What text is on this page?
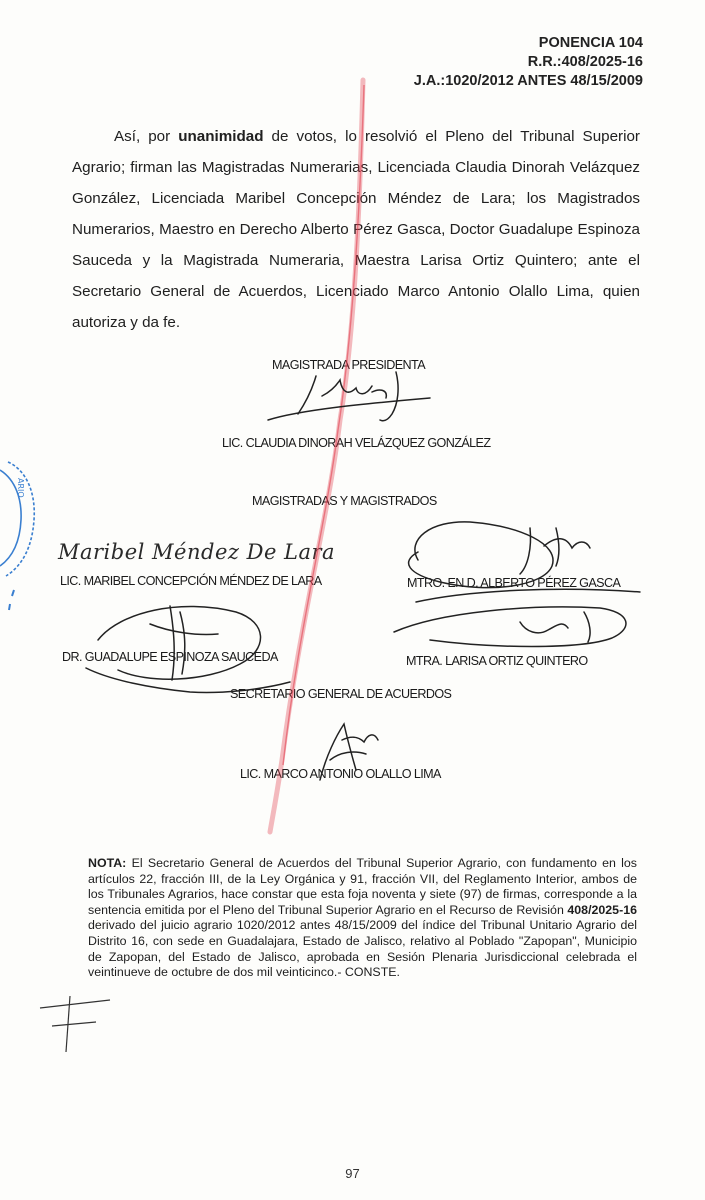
PONENCIA 104
R.R.:408/2025-16
J.A.:1020/2012 ANTES 48/15/2009
Así, por unanimidad de votos, lo resolvió el Pleno del Tribunal Superior Agrario; firman las Magistradas Numerarias, Licenciada Claudia Dinorah Velázquez González, Licenciada Maribel Concepción Méndez de Lara; los Magistrados Numerarios, Maestro en Derecho Alberto Pérez Gasca, Doctor Guadalupe Espinoza Sauceda y la Magistrada Numeraria, Maestra Larisa Ortiz Quintero; ante el Secretario General de Acuerdos, Licenciado Marco Antonio Olallo Lima, quien autoriza y da fe.
MAGISTRADA PRESIDENTA
LIC. CLAUDIA DINORAH VELÁZQUEZ GONZÁLEZ
MAGISTRADAS Y MAGISTRADOS
Maribel Méndez De Lara
LIC. MARIBEL CONCEPCIÓN MÉNDEZ DE LARA	MTRO. EN D. ALBERTO PÉREZ GASCA
DR. GUADALUPE ESPINOZA SAUCEDA	MTRA. LARISA ORTIZ QUINTERO
SECRETARIO GENERAL DE ACUERDOS
LIC. MARCO ANTONIO OLALLO LIMA
NOTA: El Secretario General de Acuerdos del Tribunal Superior Agrario, con fundamento en los artículos 22, fracción III, de la Ley Orgánica y 91, fracción VII, del Reglamento Interior, ambos de los Tribunales Agrarios, hace constar que esta foja noventa y siete (97) de firmas, corresponde a la sentencia emitida por el Pleno del Tribunal Superior Agrario en el Recurso de Revisión 408/2025-16 derivado del juicio agrario 1020/2012 antes 48/15/2009 del índice del Tribunal Unitario Agrario del Distrito 16, con sede en Guadalajara, Estado de Jalisco, relativo al Poblado "Zapopan", Municipio de Zapopan, del Estado de Jalisco, aprobada en Sesión Plenaria Jurisdiccional celebrada el veintinueve de octubre de dos mil veinticinco.- CONSTE.
97
ARIO
